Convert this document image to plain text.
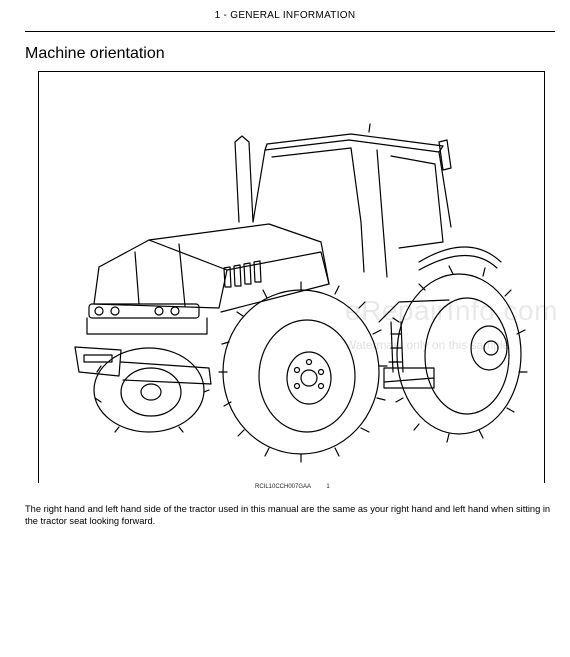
1 - GENERAL INFORMATION
Machine orientation
eRepairInfo.com
Watermark only on this sample
RCIL10CCH007GAA	1
The right hand and left hand side of the tractor used in this manual are the same as your right hand and left hand when sitting in the tractor seat looking forward.
